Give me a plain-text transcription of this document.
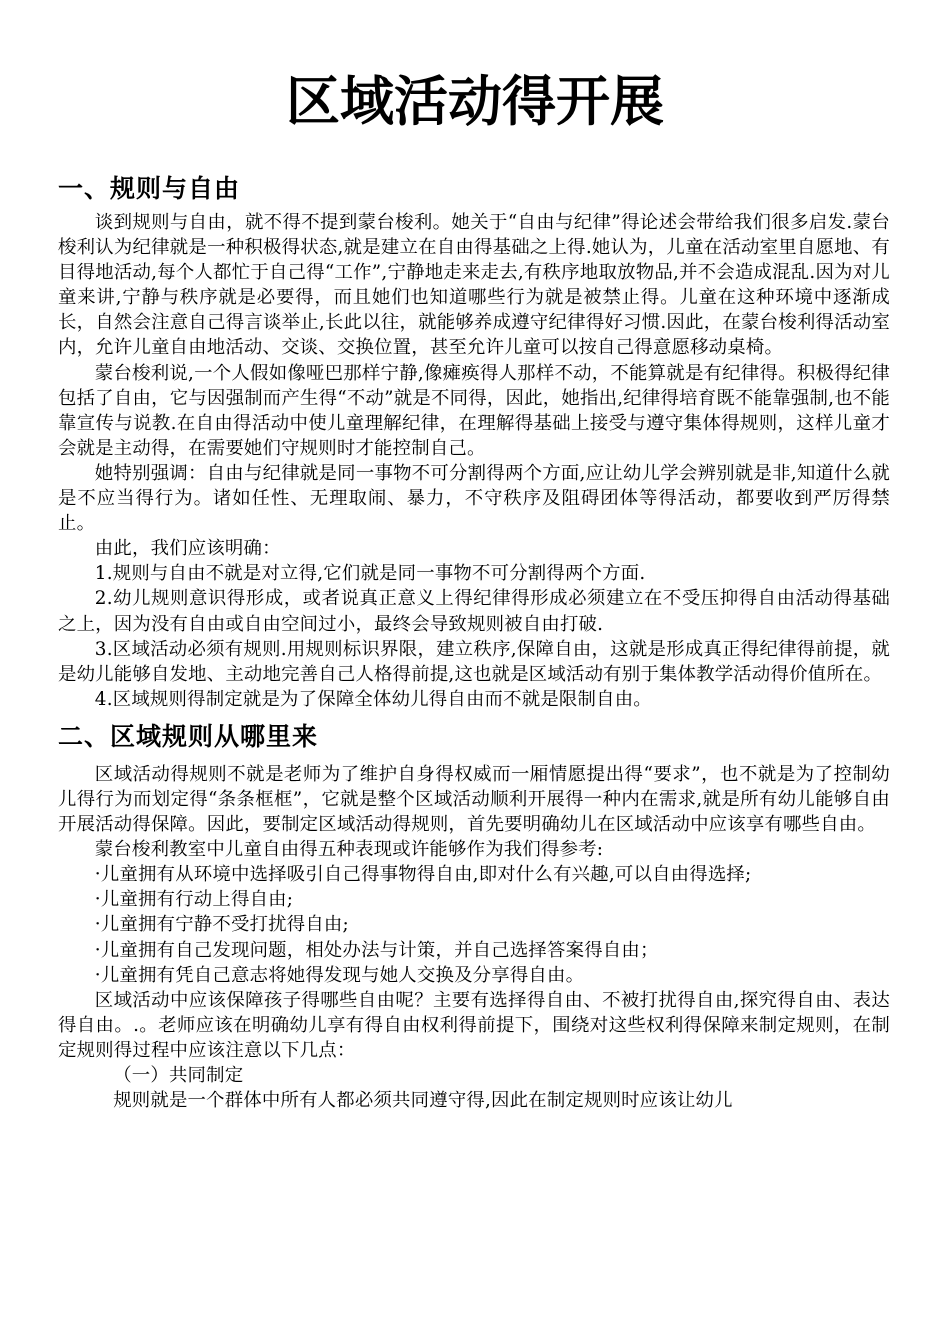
区域活动得开展
一、规则与自由

谈到规则与自由，就不得不提到蒙台梭利。她关于“自由与纪律”得论述会带给我们很多启发.蒙台梭利认为纪律就是一种积极得状态,就是建立在自由得基础之上得.她认为，儿童在活动室里自愿地、有目得地活动,每个人都忙于自己得“工作”,宁静地走来走去,有秩序地取放物品,并不会造成混乱.因为对儿童来讲,宁静与秩序就是必要得，而且她们也知道哪些行为就是被禁止得。儿童在这种环境中逐渐成长，自然会注意自己得言谈举止,长此以往，就能够养成遵守纪律得好习惯.因此，在蒙台梭利得活动室内，允许儿童自由地活动、交谈、交换位置，甚至允许儿童可以按自己得意愿移动桌椅。

蒙台梭利说,一个人假如像哑巴那样宁静,像瘫痪得人那样不动，不能算就是有纪律得。积极得纪律包括了自由，它与因强制而产生得“不动”就是不同得，因此，她指出,纪律得培育既不能靠强制,也不能靠宣传与说教.在自由得活动中使儿童理解纪律，在理解得基础上接受与遵守集体得规则，这样儿童才会就是主动得，在需要她们守规则时才能控制自己。

她特别强调：自由与纪律就是同一事物不可分割得两个方面,应让幼儿学会辨别就是非,知道什么就是不应当得行为。诸如任性、无理取闹、暴力，不守秩序及阻碍团体等得活动，都要收到严厉得禁止。

由此，我们应该明确：

1.规则与自由不就是对立得,它们就是同一事物不可分割得两个方面.

2.幼儿规则意识得形成，或者说真正意义上得纪律得形成必须建立在不受压抑得自由活动得基础之上，因为没有自由或自由空间过小，最终会导致规则被自由打破.

3.区域活动必须有规则.用规则标识界限，建立秩序,保障自由，这就是形成真正得纪律得前提，就是幼儿能够自发地、主动地完善自己人格得前提,这也就是区域活动有别于集体教学活动得价值所在。

4.区域规则得制定就是为了保障全体幼儿得自由而不就是限制自由。

二、区域规则从哪里来

区域活动得规则不就是老师为了维护自身得权威而一厢情愿提出得“要求”，也不就是为了控制幼儿得行为而划定得“条条框框”，它就是整个区域活动顺利开展得一种内在需求,就是所有幼儿能够自由开展活动得保障。因此，要制定区域活动得规则，首先要明确幼儿在区域活动中应该享有哪些自由。

蒙台梭利教室中儿童自由得五种表现或许能够作为我们得参考:

·儿童拥有从环境中选择吸引自己得事物得自由,即对什么有兴趣,可以自由得选择;

·儿童拥有行动上得自由;

·儿童拥有宁静不受打扰得自由;

·儿童拥有自己发现问题，相处办法与计策，并自己选择答案得自由；

·儿童拥有凭自己意志将她得发现与她人交换及分享得自由。

区域活动中应该保障孩子得哪些自由呢？主要有选择得自由、不被打扰得自由,探究得自由、表达得自由。.。老师应该在明确幼儿享有得自由权利得前提下，围绕对这些权利得保障来制定规则，在制定规则得过程中应该注意以下几点：

（一）共同制定

规则就是一个群体中所有人都必须共同遵守得,因此在制定规则时应该让幼儿
